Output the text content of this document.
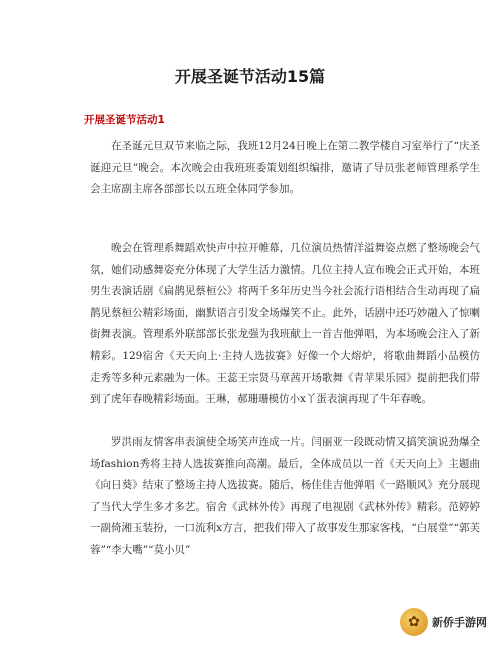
开展圣诞节活动15篇
开展圣诞节活动1

在圣诞元旦双节来临之际，我班12月24日晚上在第二教学楼自习室举行了“庆圣诞迎元旦”晚会。本次晚会由我班班委策划组织编排，邀请了导员张老师管理系学生会主席副主席各部部长以五班全体同学参加。

晚会在管理系舞蹈欢快声中拉开帷幕，几位演员热情洋溢舞姿点燃了整场晚会气氛，她们动感舞姿充分体现了大学生活力激情。几位主持人宣布晚会正式开始，本班男生表演话剧《扁鹊见蔡桓公》将两千多年历史当今社会流行语相结合生动再现了扁鹊见蔡桓公精彩场面，幽默语言引发全场爆笑不止。此外，话剧中还巧妙融入了惊喇街舞表演。管理系外联部部长张龙强为我班献上一首吉他弹唱，为本场晚会注入了新精彩。129宿舍《天天向上·主持人选拔赛》好像一个大熔炉，将歌曲舞蹈小品模仿走秀等多种元素融为一体。王蕊王宗贤马章茜开场歌舞《青苹果乐园》提前把我们带到了虎年春晚精彩场面。王琳，郝珊珊模仿小x丫蛋表演再现了牛年春晚。

罗洪雨友情客串表演使全场笑声连成一片。闫丽亚一段既动情又搞笑演说劲爆全场fashion秀将主持人选拔赛推向高潮。最后，全体成员以一首《天天向上》主题曲《向日葵》结束了整场主持人选拔赛。随后，杨佳佳吉他弹唱《一路顺风》充分展现了当代大学生多才多艺。宿舍《武林外传》再现了电视剧《武林外传》精彩。范婷婷一副倚湘玉装扮，一口流利x方言，把我们带入了故事发生那家客栈，“白展堂”“郭芙蓉”“李大嘴”“莫小贝”

✿	新侨手游网
